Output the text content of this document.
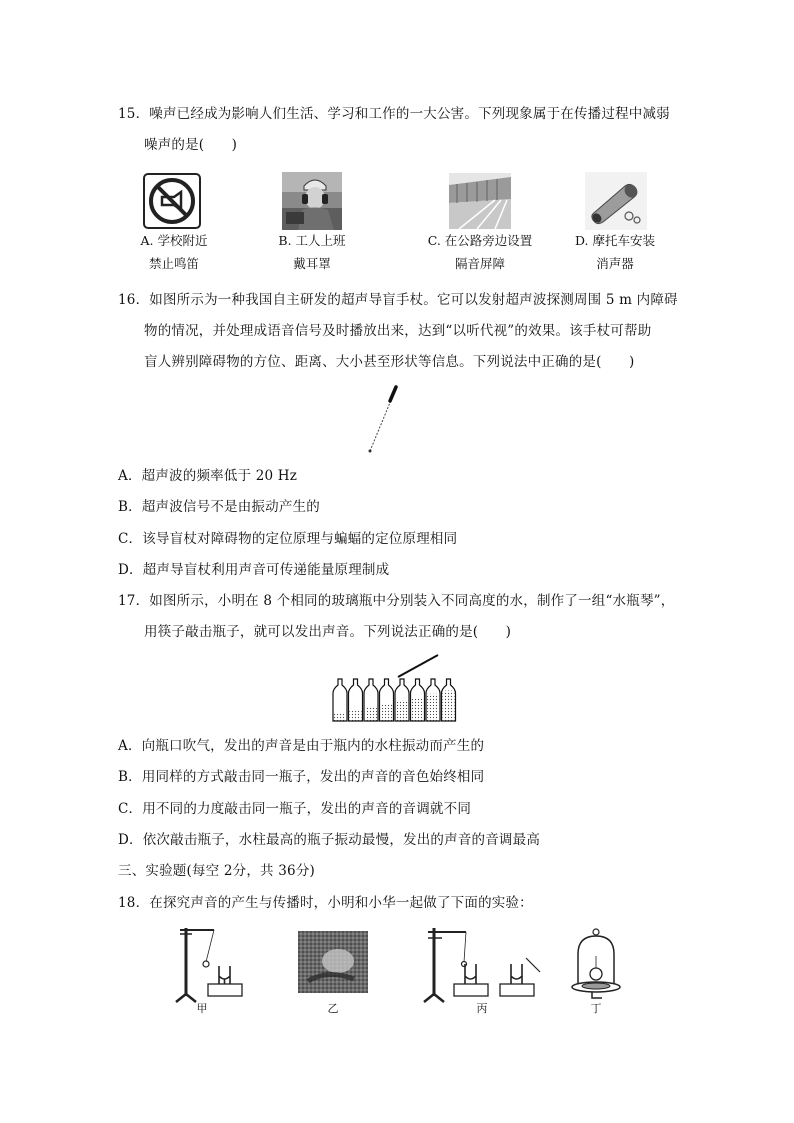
15．噪声已经成为影响人们生活、学习和工作的一大公害。下列现象属于在传播过程中减弱
噪声的是(　　)
A. 学校附近
禁止鸣笛
B. 工人上班
戴耳罩
C. 在公路旁边设置
隔音屏障
D. 摩托车安装
消声器
16．如图所示为一种我国自主研发的超声导盲手杖。它可以发射超声波探测周围 5 m 内障碍
物的情况，并处理成语音信号及时播放出来，达到“以听代视”的效果。该手杖可帮助
盲人辨别障碍物的方位、距离、大小甚至形状等信息。下列说法中正确的是(　　)
A．超声波的频率低于 20 Hz
B．超声波信号不是由振动产生的
C．该导盲杖对障碍物的定位原理与蝙蝠的定位原理相同
D．超声导盲杖利用声音可传递能量原理制成
17．如图所示，小明在 8 个相同的玻璃瓶中分别装入不同高度的水，制作了一组“水瓶琴”，
用筷子敲击瓶子，就可以发出声音。下列说法正确的是(　　)
A．向瓶口吹气，发出的声音是由于瓶内的水柱振动而产生的
B．用同样的方式敲击同一瓶子，发出的声音的音色始终相同
C．用不同的力度敲击同一瓶子，发出的声音的音调就不同
D．依次敲击瓶子，水柱最高的瓶子振动最慢，发出的声音的音调最高
三、实验题(每空 2分，共 36分)
18．在探究声音的产生与传播时，小明和小华一起做了下面的实验：
甲	乙	丙	丁
